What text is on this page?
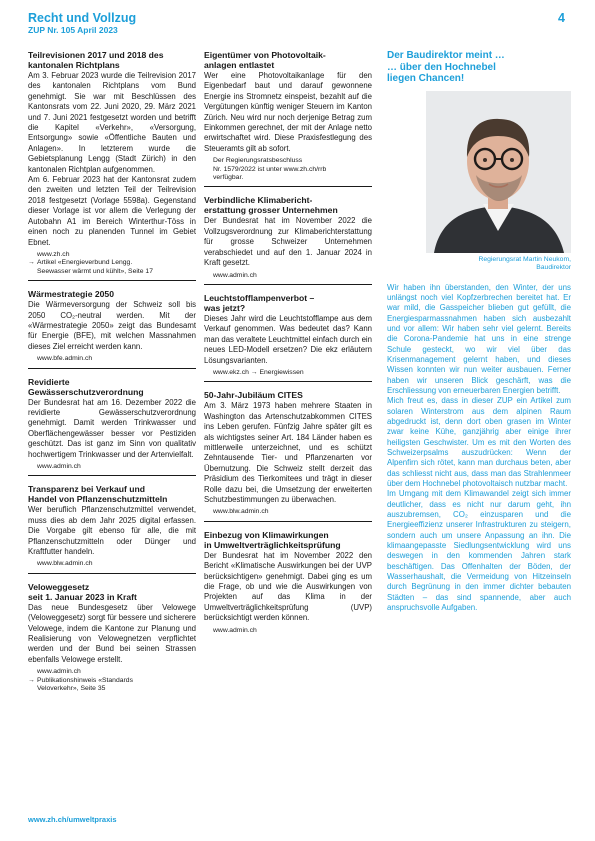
Recht und Vollzug
ZUP Nr. 105 April 2023
4
Teilrevisionen 2017 und 2018 des
kantonalen Richtplans

Am 3. Februar 2023 wurde die Teilrevision 2017 des kantonalen Richtplans vom Bund genehmigt. Sie war mit Beschlüssen des Kantonsrats vom 22. Juni 2020, 29. März 2021 und 7. Juni 2021 festgesetzt worden und betrifft die Kapitel «Verkehr», «Versorgung, Entsorgung» sowie «Öffentliche Bauten und Anlagen». In letzterem wurde die Gebietsplanung Lengg (Stadt Zürich) in den kantonalen Richtplan aufgenommen.

Am 6. Februar 2023 hat der Kantonsrat zudem den zweiten und letzten Teil der Teilrevision 2018 festgesetzt (Vorlage 5598a). Gegenstand dieser Vorlage ist vor allem die Verlegung der Autobahn A1 im Bereich Winterthur-Töss in einen noch zu planenden Tunnel im Gebiet Ebnet.

www.zh.ch
→ Artikel «Energieverbund Lengg.
Seewasser wärmt und kühlt», Seite 17
Wärmestrategie 2050

Die Wärmeversorgung der Schweiz soll bis 2050 CO₂-neutral werden. Mit der «Wärmestrategie 2050» zeigt das Bundesamt für Energie (BFE), mit welchen Massnahmen dieses Ziel erreicht werden kann.

www.bfe.admin.ch
Revidierte
Gewässerschutzverordnung

Der Bundesrat hat am 16. Dezember 2022 die revidierte Gewässerschutzverordnung genehmigt. Damit werden Trinkwasser und Oberflächengewässer besser vor Pestiziden geschützt. Das ist ganz im Sinn von qualitativ hochwertigem Trinkwasser und der Artenvielfalt.

www.admin.ch
Transparenz bei Verkauf und
Handel von Pflanzenschutzmitteln

Wer beruflich Pflanzenschutzmittel verwendet, muss dies ab dem Jahr 2025 digital erfassen. Die Vorgabe gilt ebenso für alle, die mit Pflanzenschutzmitteln oder Dünger und Kraftfutter handeln.

www.blw.admin.ch
Veloweggesetz
seit 1. Januar 2023 in Kraft

Das neue Bundesgesetz über Velowege (Veloweggesetz) sorgt für bessere und sicherere Velowege, indem die Kantone zur Planung und Realisierung von Velowegnetzen verpflichtet werden und der Bund bei seinen Strassen ebenfalls Velowege erstellt.

www.admin.ch
→ Publikationshinweis «Standards
Veloverkehr», Seite 35
Eigentümer von Photovoltaik-
anlagen entlastet

Wer eine Photovoltaikanlage für den Eigenbedarf baut und darauf gewonnene Energie ins Stromnetz einspeist, bezahlt auf die Vergütungen künftig weniger Steuern im Kanton Zürich. Neu wird nur noch derjenige Betrag zum Einkommen gerechnet, der mit der Anlage netto erwirtschaftet wird. Diese Praxisfestlegung des Steueramts gilt ab sofort.

Der Regierungsratsbeschluss
Nr. 1579/2022 ist unter www.zh.ch/rrb
verfügbar.
Verbindliche Klimabericht-
erstattung grosser Unternehmen

Der Bundesrat hat im November 2022 die Vollzugsverordnung zur Klimaberichterstattung für grosse Schweizer Unternehmen verabschiedet und auf den 1. Januar 2024 in Kraft gesetzt.

www.admin.ch
Leuchtstofflampenverbot –
was jetzt?

Dieses Jahr wird die Leuchtstofflampe aus dem Verkauf genommen. Was bedeutet das? Kann man das veraltete Leuchtmittel einfach durch ein neues LED-Modell ersetzen? Die ekz erläutern Lösungsvarianten.

www.ekz.ch → Energiewissen
50-Jahr-Jubiläum CITES

Am 3. März 1973 haben mehrere Staaten in Washington das Artenschutzabkommen CITES ins Leben gerufen. Fünfzig Jahre später gilt es als wichtigstes seiner Art. 184 Länder haben es mittlerweile unterzeichnet, und es schützt Zehntausende Tier- und Pflanzenarten vor Übernutzung. Die Schweiz stellt derzeit das Präsidium des Tierkomitees und trägt in dieser Rolle dazu bei, die Umsetzung der erweiterten Schutzbestimmungen zu überwachen.

www.blw.admin.ch
Einbezug von Klimawirkungen
in Umweltverträglichkeitsprüfung

Der Bundesrat hat im November 2022 den Bericht «Klimatische Auswirkungen bei der UVP berücksichtigen» genehmigt. Dabei ging es um die Frage, ob und wie die Auswirkungen von Projekten auf das Klima in der Umweltverträglichkeitsprüfung (UVP) berücksichtigt werden können.

www.admin.ch
Der Baudirektor meint …
… über den Hochnebel
liegen Chancen!
Regierungsrat Martin Neukom,
Baudirektor

Wir haben ihn überstanden, den Winter, der uns unlängst noch viel Kopfzerbrechen bereitet hat. Er war mild, die Gasspeicher blieben gut gefüllt, die Energiesparmassnahmen haben sich ausbezahlt und vor allem: Wir haben sehr viel gelernt. Bereits die Corona-Pandemie hat uns in eine strenge Schule gesteckt, wo wir viel über das Krisenmanagement gelernt haben, und dieses Wissen konnten wir nun weiter ausbauen. Ferner haben wir unseren Blick geschärft, was die Erschliessung von erneuerbaren Energien betrifft.

Mich freut es, dass in dieser ZUP ein Artikel zum solaren Winterstrom aus dem alpinen Raum abgedruckt ist, denn dort oben grasen im Winter zwar keine Kühe, ganzjährig aber einige ihrer heiligsten Geschwister. Um es mit den Worten des Schweizerpsalms auszudrücken: Wenn der Alpenfirn sich rötet, kann man durchaus beten, aber das schliesst nicht aus, dass man das Strahlenmeer über dem Hochnebel photovoltaisch nutzbar macht.

Im Umgang mit dem Klimawandel zeigt sich immer deutlicher, dass es nicht nur darum geht, ihn auszubremsen, CO₂ einzusparen und die Energieeffizienz unserer Infrastrukturen zu steigern, sondern auch um unsere Anpassung an ihn. Die klimaangepasste Siedlungsentwicklung wird uns deswegen in den kommenden Jahren stark beschäftigen. Das Offenhalten der Böden, der Wasserhaushalt, die Vermeidung von Hitzeinseln durch Begrünung in den immer dichter bebauten Städten – das sind spannende, aber auch anspruchsvolle Aufgaben.

www.zh.ch/umweltpraxis
